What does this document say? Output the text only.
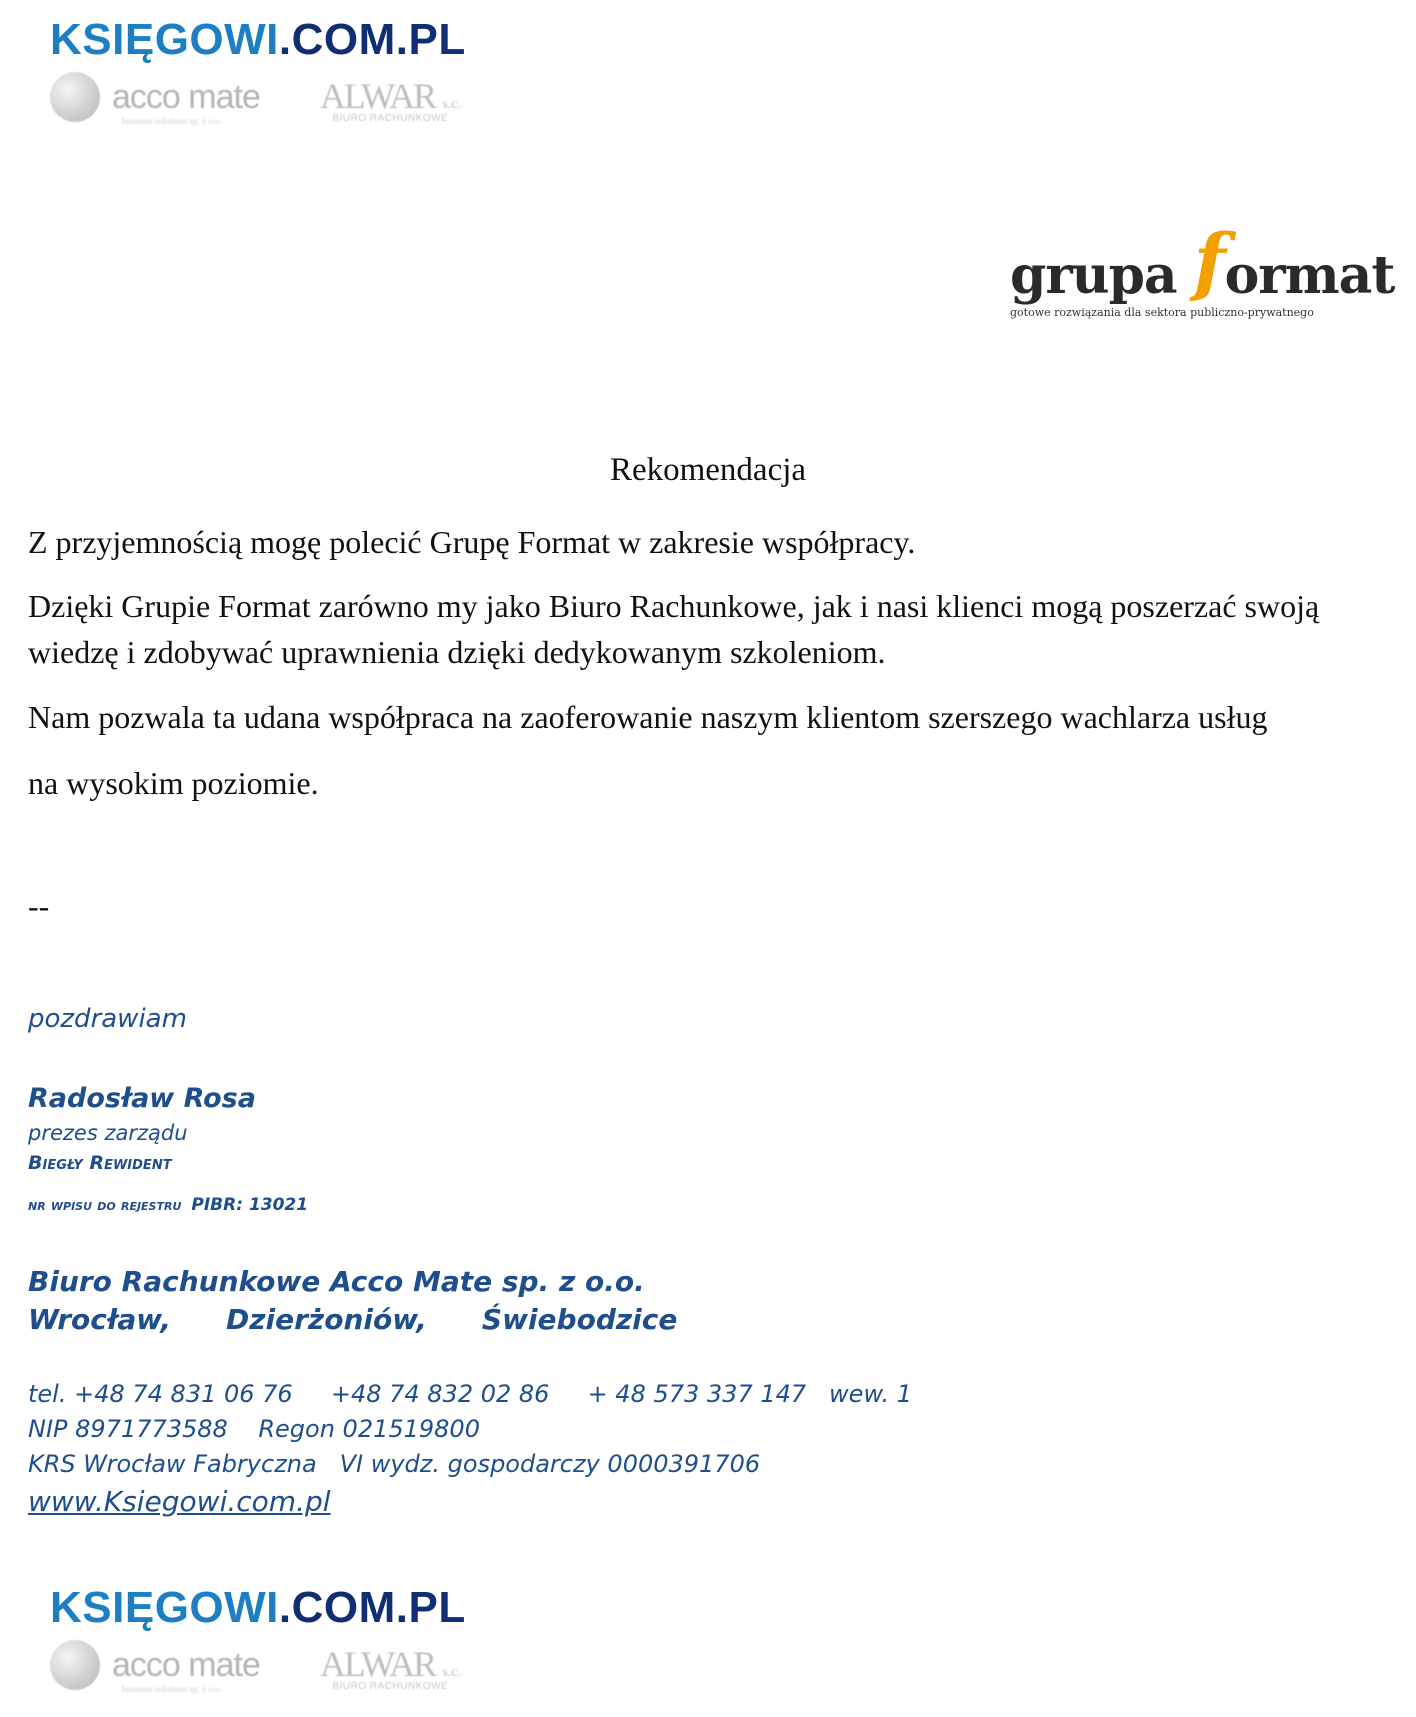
KSIĘGOWI.COM.PL
acco mate
business solutions sp. z o.o.
ALWAR s.c.
BIURO RACHUNKOWE
grupa format
gotowe rozwiązania dla sektora publiczno-prywatnego
Rekomendacja
Z przyjemnością mogę polecić Grupę Format w zakresie współpracy.
Dzięki Grupie Format zarówno my jako Biuro Rachunkowe, jak i nasi klienci mogą poszerzać swoją wiedzę i zdobywać uprawnienia dzięki dedykowanym szkoleniom.
Nam pozwala ta udana współpraca na zaoferowanie naszym klientom szerszego wachlarza usług
na wysokim poziomie.
--
pozdrawiam
Radosław Rosa
prezes zarządu
Biegły Rewident
nr wpisu do rejestru PIBR: 13021
Biuro Rachunkowe Acco Mate sp. z o.o.
Wrocław,    Dzierżoniów,    Świebodzice
tel. +48 74 831 06 76     +48 74 832 02 86     + 48 573 337 147   wew. 1
NIP 8971773588    Regon 021519800
KRS Wrocław Fabryczna   VI wydz. gospodarczy 0000391706
www.Ksiegowi.com.pl
KSIĘGOWI.COM.PL
acco mate
business solutions sp. z o.o.
ALWAR s.c.
BIURO RACHUNKOWE
